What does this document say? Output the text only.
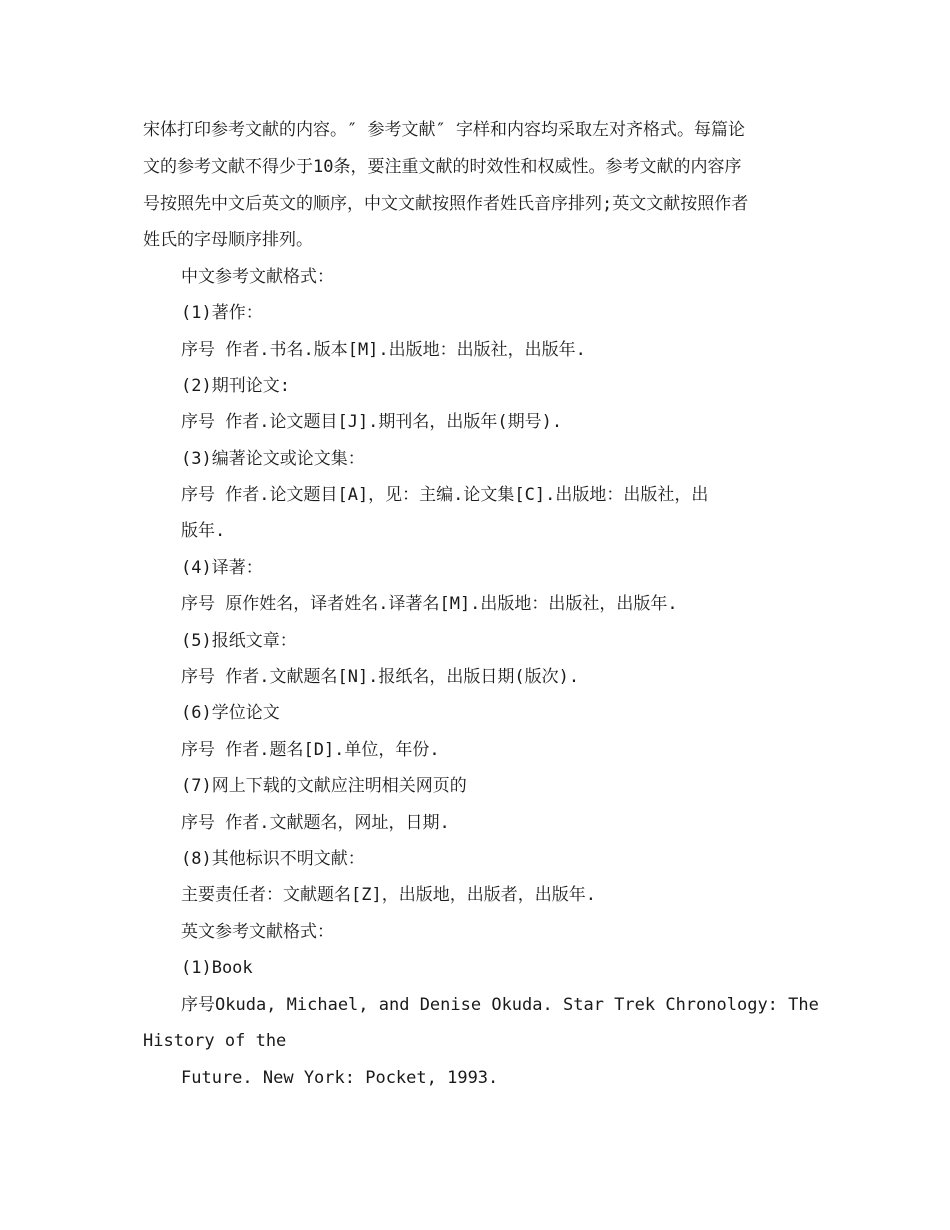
宋体打印参考文献的内容。″ 参考文献″ 字样和内容均采取左对齐格式。每篇论

文的参考文献不得少于10条，要注重文献的时效性和权威性。参考文献的内容序

号按照先中文后英文的顺序，中文文献按照作者姓氏音序排列;英文文献按照作者

姓氏的字母顺序排列。

中文参考文献格式：

(1)著作：

序号 作者.书名.版本[M].出版地：出版社，出版年.

(2)期刊论文:

序号 作者.论文题目[J].期刊名，出版年(期号).

(3)编著论文或论文集：

序号 作者.论文题目[A]，见：主编.论文集[C].出版地：出版社，出

版年.

(4)译著：

序号 原作姓名，译者姓名.译著名[M].出版地：出版社，出版年.

(5)报纸文章：

序号 作者.文献题名[N].报纸名，出版日期(版次).

(6)学位论文

序号 作者.题名[D].单位，年份.

(7)网上下载的文献应注明相关网页的

序号 作者.文献题名，网址，日期.

(8)其他标识不明文献：

主要责任者：文献题名[Z]，出版地，出版者，出版年.

英文参考文献格式：

(1)Book

序号Okuda, Michael, and Denise Okuda. Star Trek Chronology: The

History of the

Future. New York: Pocket, 1993.
